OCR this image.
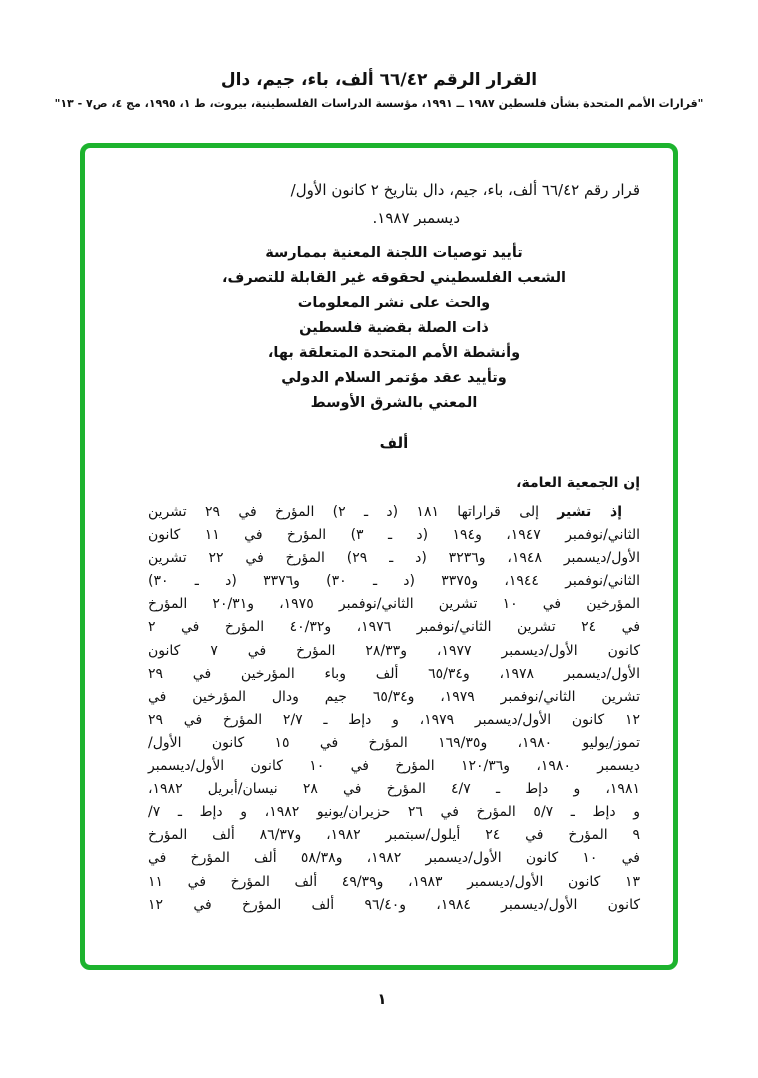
القرار الرقم ٦٦/٤٢ ألف، باء، جيم، دال
"قرارات الأمم المتحدة بشأن فلسطين ١٩٨٧ ــ ١٩٩١، مؤسسة الدراسات الفلسطينية، بيروت، ط ١، ١٩٩٥، مج ٤، ص٧ - ١٣"
قرار رقم ٦٦/٤٢ ألف، باء، جيم، دال بتاريخ ٢ كانون الأول/
ديسمبر ١٩٨٧.
تأييد توصيات اللجنة المعنية بممارسة
الشعب الفلسطيني لحقوقه غير القابلة للتصرف،
والحث على نشر المعلومات
ذات الصلة بقضية فلسطين
وأنشطة الأمم المتحدة المتعلقة بها،
وتأييد عقد مؤتمر السلام الدولي
المعني بالشرق الأوسط
ألف
إن الجمعية العامة،
إذ تشير إلى قراراتها ١٨١ (د ـ ٢) المؤرخ في ٢٩ تشرين
الثاني/نوفمبر ١٩٤٧، و١٩٤ (د ـ ٣) المؤرخ في ١١ كانون
الأول/ديسمبر ١٩٤٨، و٣٢٣٦ (د ـ ٢٩) المؤرخ في ٢٢ تشرين
الثاني/نوفمبر ١٩٤٤، و٣٣٧٥ (د ـ ٣٠) و٣٣٧٦ (د ـ ٣٠)
المؤرخين في ١٠ تشرين الثاني/نوفمبر ١٩٧٥، و٢٠/٣١ المؤرخ
في ٢٤ تشرين الثاني/نوفمبر ١٩٧٦، و٤٠/٣٢ المؤرخ في ٢
كانون الأول/ديسمبر ١٩٧٧، و٢٨/٣٣ المؤرخ في ٧ كانون
الأول/ديسمبر ١٩٧٨، و٦٥/٣٤ ألف وباء المؤرخين في ٢٩
تشرين الثاني/نوفمبر ١٩٧٩، و٦٥/٣٤ جيم ودال المؤرخين في
١٢ كانون الأول/ديسمبر ١٩٧٩، و دإط ـ ٢/٧ المؤرخ في ٢٩
تموز/يوليو ١٩٨٠، و١٦٩/٣٥ المؤرخ في ١٥ كانون الأول/
ديسمبر ١٩٨٠، و١٢٠/٣٦ المؤرخ في ١٠ كانون الأول/ديسمبر
١٩٨١، و دإط ـ ٤/٧ المؤرخ في ٢٨ نيسان/أبريل ١٩٨٢،
و دإط ـ ٥/٧ المؤرخ في ٢٦ حزيران/يونيو ١٩٨٢، و دإط ـ ٧/
٩ المؤرخ في ٢٤ أيلول/سبتمبر ١٩٨٢، و٨٦/٣٧ ألف المؤرخ
في ١٠ كانون الأول/ديسمبر ١٩٨٢، و٥٨/٣٨ ألف المؤرخ في
١٣ كانون الأول/ديسمبر ١٩٨٣، و٤٩/٣٩ ألف المؤرخ في ١١
كانون الأول/ديسمبر ١٩٨٤، و٩٦/٤٠ ألف المؤرخ في ١٢
١
